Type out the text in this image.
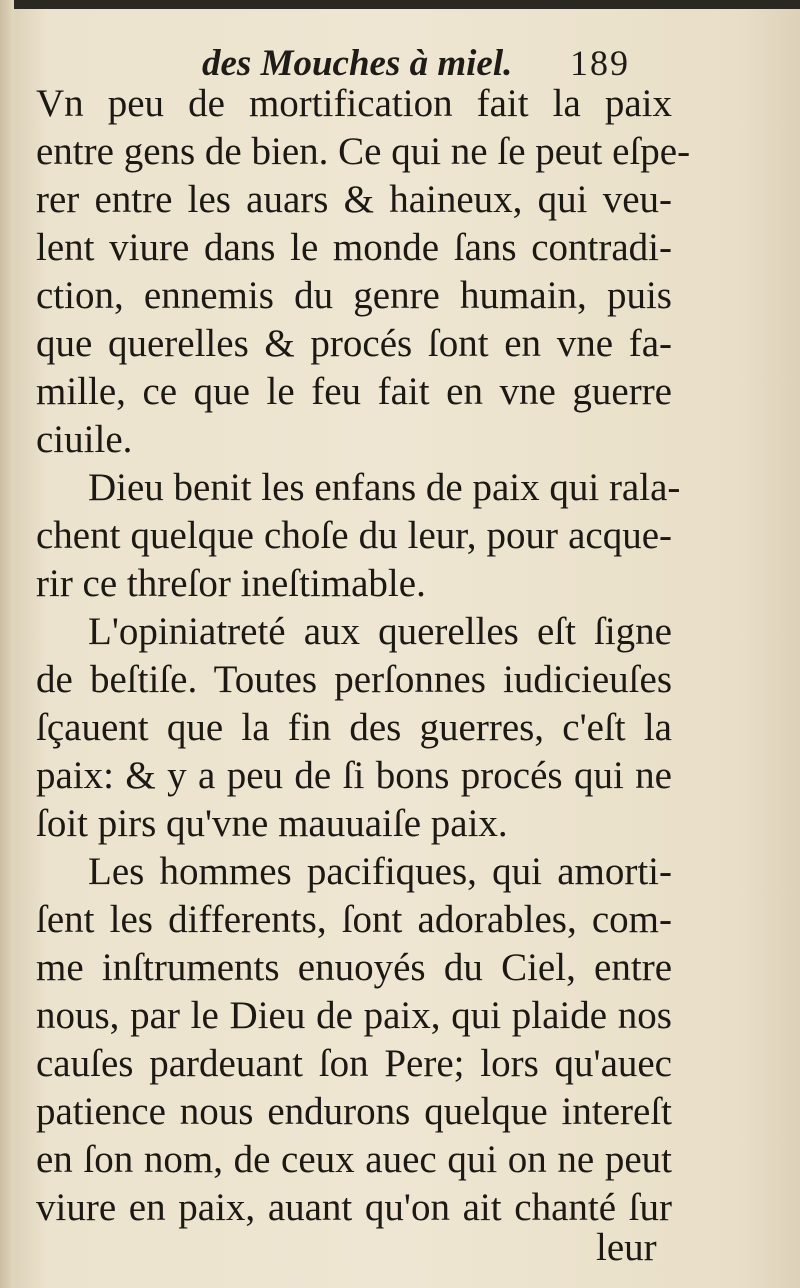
des Mouches à miel. 189
Vn peu de mortification fait la paix
entre gens de bien. Ce qui ne ſe peut eſpe-
rer entre les auars & haineux, qui veu-
lent viure dans le monde ſans contradi-
ction, ennemis du genre humain, puis
que querelles & procés ſont en vne fa-
mille, ce que le feu fait en vne guerre
ciuile.
Dieu benit les enfans de paix qui rala-
chent quelque choſe du leur, pour acque-
rir ce threſor ineſtimable.
L'opiniatreté aux querelles eſt ſigne
de beſtiſe. Toutes perſonnes iudicieuſes
ſçauent que la fin des guerres, c'eſt la
paix: & y a peu de ſi bons procés qui ne
ſoit pirs qu'vne mauuaiſe paix.
Les hommes pacifiques, qui amorti-
ſent les differents, ſont adorables, com-
me inſtruments enuoyés du Ciel, entre
nous, par le Dieu de paix, qui plaide nos
cauſes pardeuant ſon Pere; lors qu'auec
patience nous endurons quelque intereſt
en ſon nom, de ceux auec qui on ne peut
viure en paix, auant qu'on ait chanté ſur
leur
